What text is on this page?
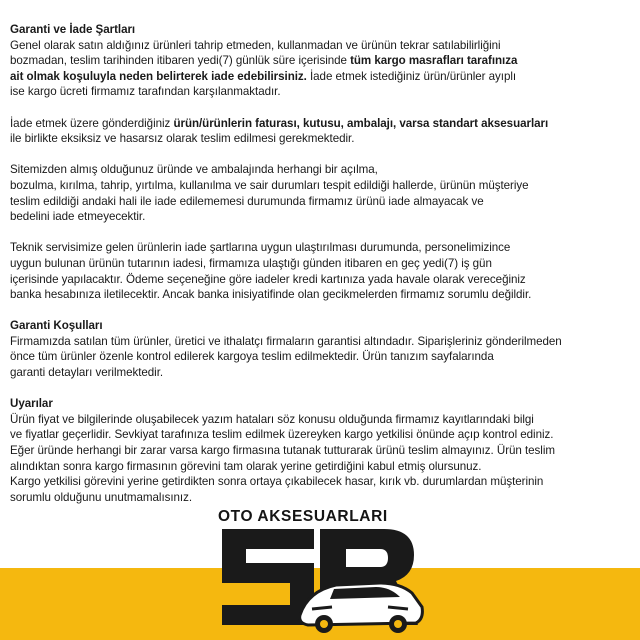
Garanti ve İade Şartları

Genel olarak satın aldığınız ürünleri tahrip etmeden, kullanmadan ve ürünün tekrar satılabilirliğini
bozmadan, teslim tarihinden itibaren yedi(7) günlük süre içerisinde tüm kargo masrafları tarafınıza
ait olmak koşuluyla neden belirterek iade edebilirsiniz. İade etmek istediğiniz ürün/ürünler ayıplı
ise kargo ücreti firmamız tarafından karşılanmaktadır.

İade etmek üzere gönderdiğiniz ürün/ürünlerin faturası, kutusu, ambalajı, varsa standart aksesuarları
ile birlikte eksiksiz ve hasarsız olarak teslim edilmesi gerekmektedir.

Sitemizden almış olduğunuz üründe ve ambalajında herhangi bir açılma,
bozulma, kırılma, tahrip, yırtılma, kullanılma ve sair durumları tespit edildiği hallerde, ürünün müşteriye
teslim edildiği andaki hali ile iade edilememesi durumunda firmamız ürünü iade almayacak ve
bedelini iade etmeyecektir.

Teknik servisimize gelen ürünlerin iade şartlarına uygun ulaştırılması durumunda, personelimizince
uygun bulunan ürünün tutarının iadesi, firmamıza ulaştığı günden itibaren en geç yedi(7) iş gün
içerisinde yapılacaktır. Ödeme seçeneğine göre iadeler kredi kartınıza yada havale olarak vereceğiniz
banka hesabınıza iletilecektir. Ancak banka inisiyatifinde olan gecikmelerden firmamız sorumlu değildir.

Garanti Koşulları

Firmamızda satılan tüm ürünler, üretici ve ithalatçı firmaların garantisi altındadır. Siparişleriniz gönderilmeden
önce tüm ürünler özenle kontrol edilerek kargoya teslim edilmektedir. Ürün tanızım sayfalarında
garanti detayları verilmektedir.

Uyarılar

Ürün fiyat ve bilgilerinde oluşabilecek yazım hataları söz konusu olduğunda firmamız kayıtlarındaki bilgi
ve fiyatlar geçerlidir. Sevkiyat tarafınıza teslim edilmek üzereyken kargo yetkilisi önünde açıp kontrol ediniz.
Eğer üründe herhangi bir zarar varsa kargo firmasına tutanak tutturarak ürünü teslim almayınız. Ürün teslim
alındıktan sonra kargo firmasının görevini tam olarak yerine getirdiğini kabul etmiş olursunuz.
Kargo yetkilisi görevini yerine getirdikten sonra ortaya çıkabilecek hasar, kırık vb. durumlardan müşterinin
sorumlu olduğunu unutmamalısınız.

OTO AKSESUARLARI
